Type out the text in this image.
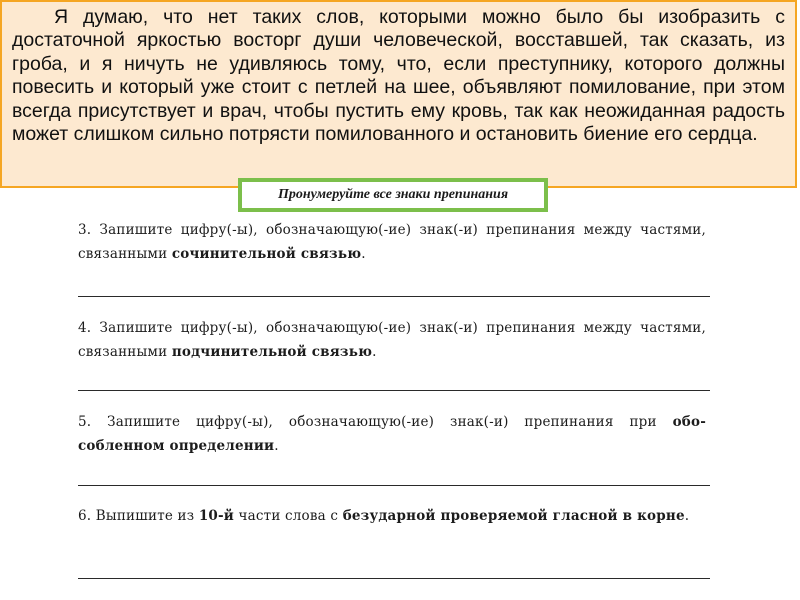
Я думаю, что нет таких слов, которыми можно было бы изобразить с достаточной яркостью восторг души человеческой, восставшей, так сказать, из гроба, и я ничуть не удивляюсь тому, что, если преступнику, которого должны повесить и который уже стоит с петлей на шее, объявляют помилование, при этом всегда присутствует и врач, чтобы пустить ему кровь, так как неожиданная радость может слишком сильно потрясти помилованного и остановить биение его сердца.

Пронумеруйте все знаки препинания
3. Запишите цифру(-ы), обозначающую(-ие) знак(-и) препинания между частями, связанными сочинительной связью.
4. Запишите цифру(-ы), обозначающую(-ие) знак(-и) препинания между частями, связанными подчинительной связью.
5. Запишите цифру(-ы), обозначающую(-ие) знак(-и) препинания при обо-собленном определении.
6. Выпишите из 10-й части слова с безударной проверяемой гласной в корне.
